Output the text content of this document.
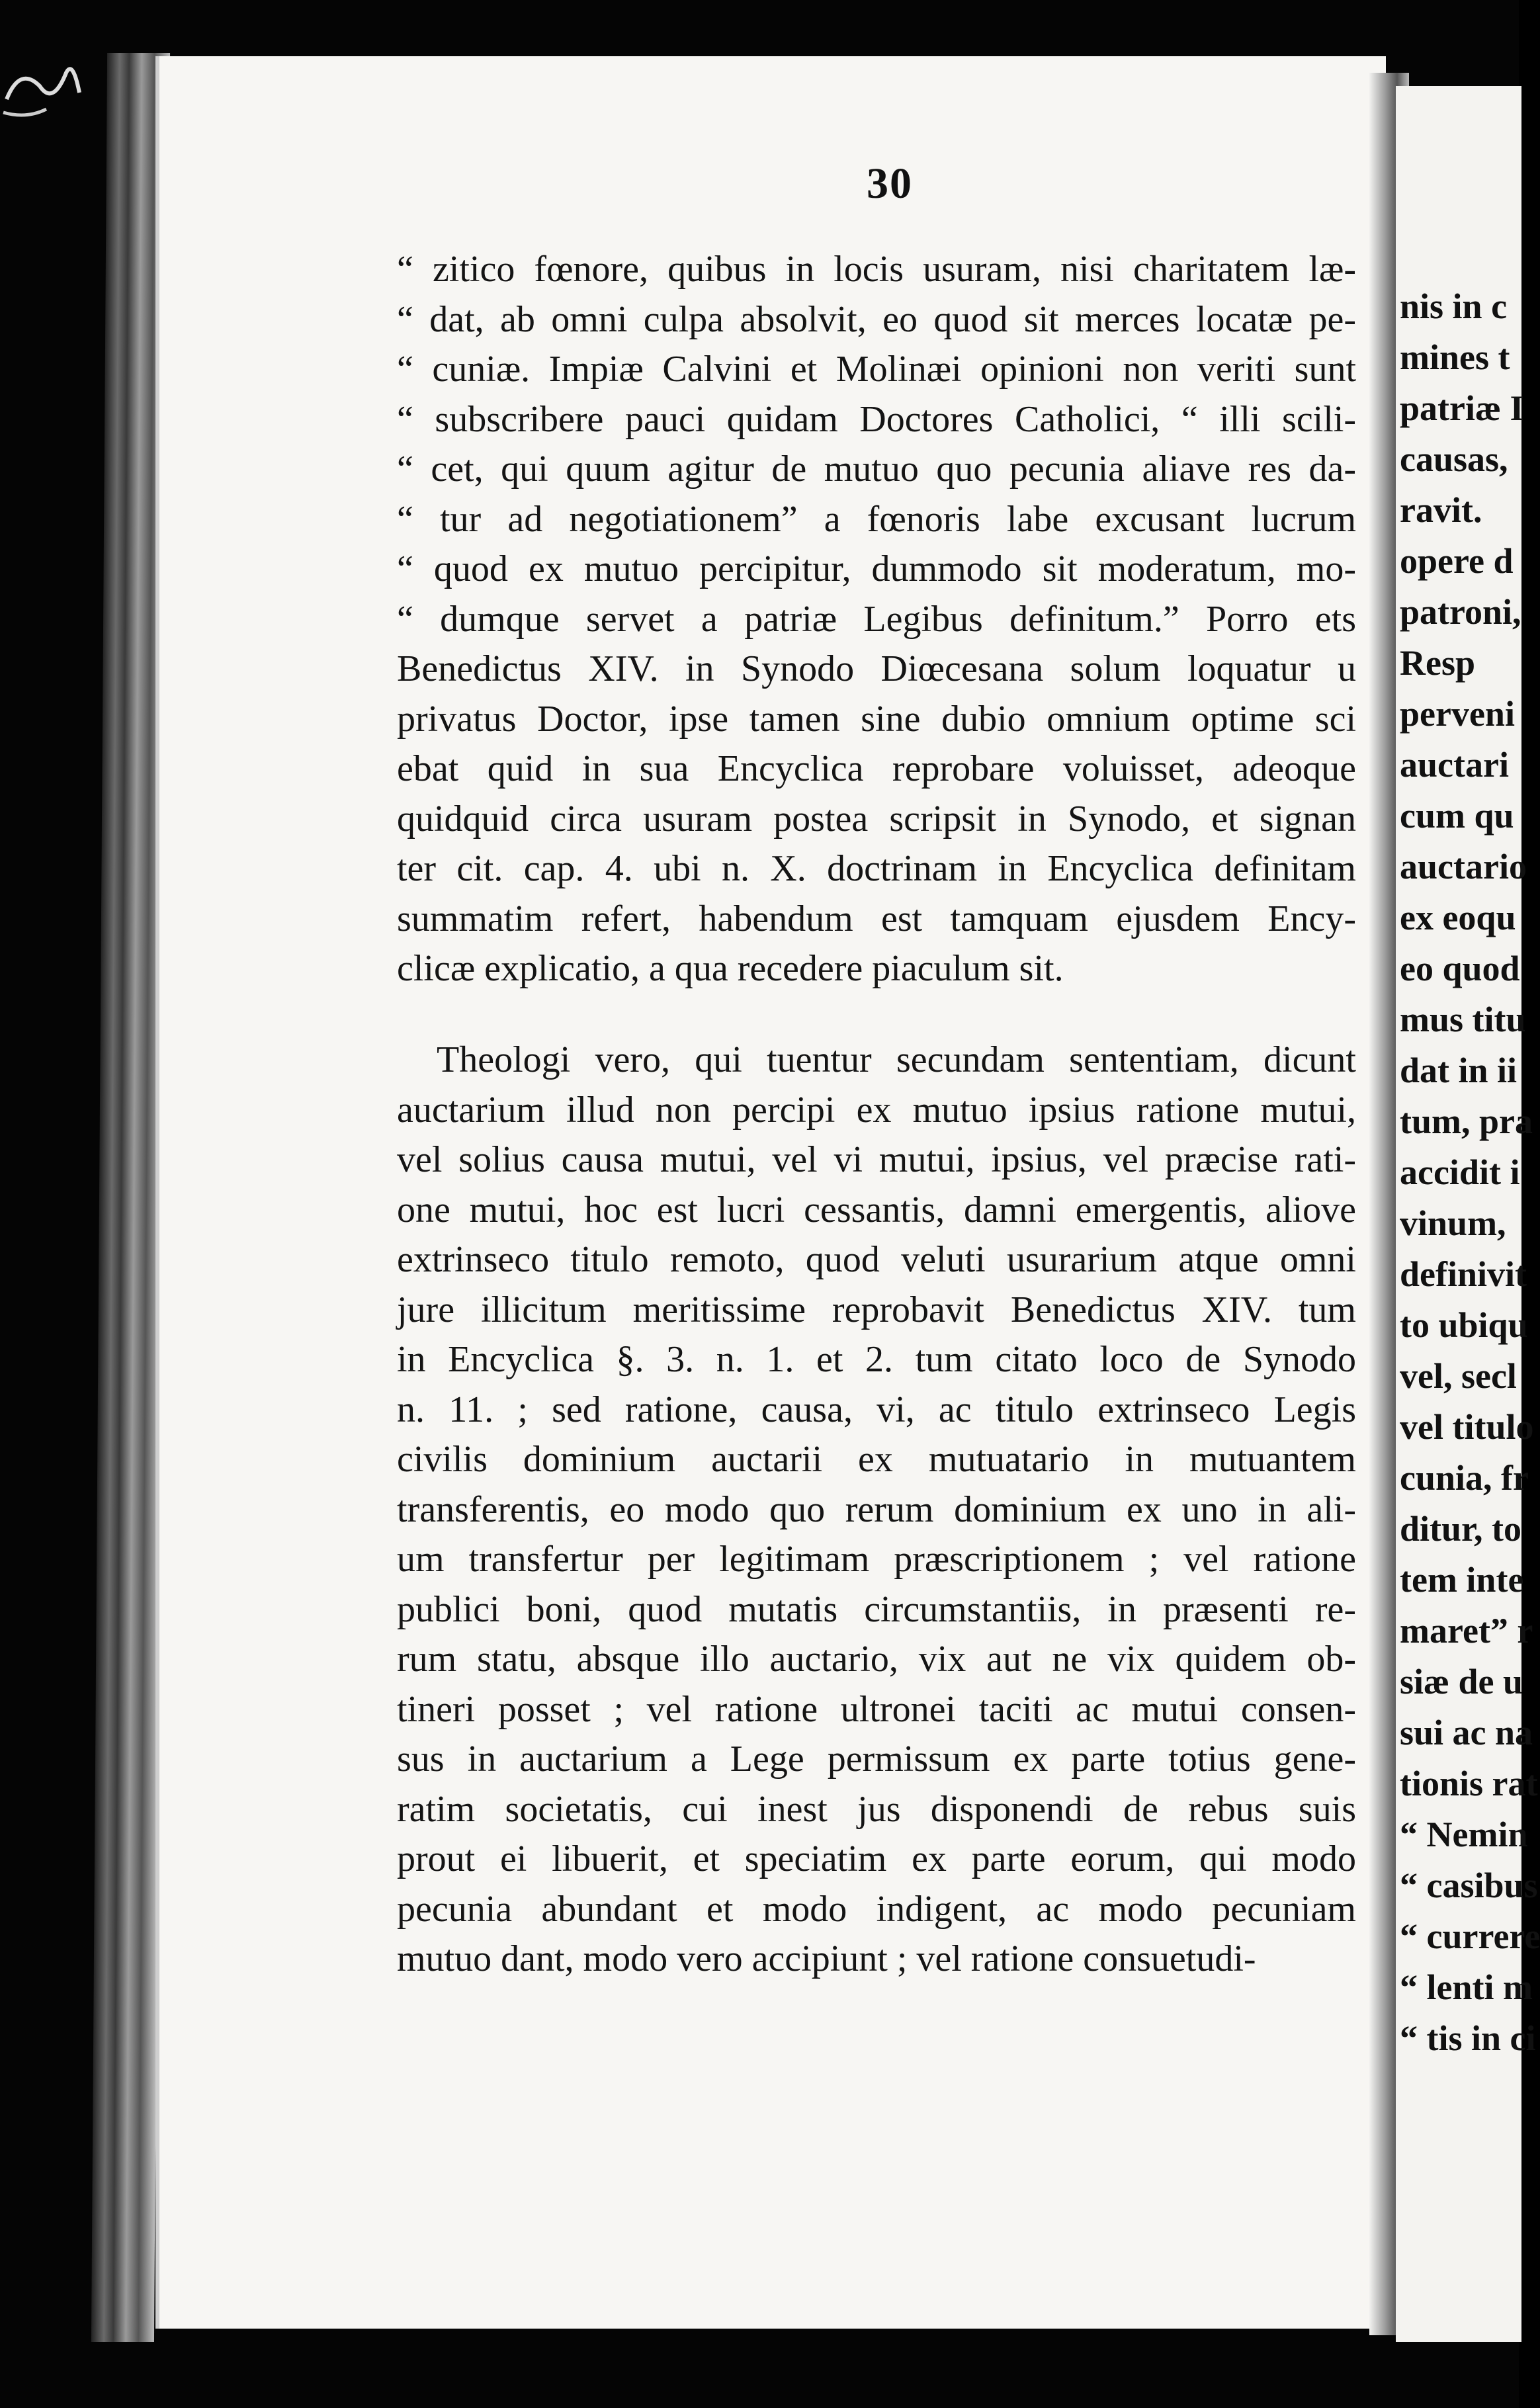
nis in c
mines t
patriæ I
causas,
ravit.
opere d
patroni,
Resp
perveni
auctari
cum qu
auctario
ex eoqu
eo quod
mus titu
dat in ii
tum, pra
accidit i
vinum,
definivit
to ubiqu
vel, secl
vel titulo
cunia, fr
ditur, to
tem inte
maret” r
siæ de u
sui ac na
tionis rat
“ Nemin
“ casibus
“ currere
“ lenti m
“ tis in ci
30
“ zitico fœnore, quibus in locis usuram, nisi charitatem læ-
“ dat, ab omni culpa absolvit, eo quod sit merces locatæ pe-
“ cuniæ. Impiæ Calvini et Molinæi opinioni non veriti sunt
“ subscribere pauci quidam Doctores Catholici, “ illi scili-
“ cet, qui quum agitur de mutuo quo pecunia aliave res da-
“ tur ad negotiationem” a fœnoris labe excusant lucrum
“ quod ex mutuo percipitur, dummodo sit moderatum, mo-
“ dumque servet a patriæ Legibus definitum.” Porro ets
Benedictus XIV. in Synodo Diœcesana solum loquatur u
privatus Doctor, ipse tamen sine dubio omnium optime sci
ebat quid in sua Encyclica reprobare voluisset, adeoque
quidquid circa usuram postea scripsit in Synodo, et signan
ter cit. cap. 4. ubi n. X. doctrinam in Encyclica definitam
summatim refert, habendum est tamquam ejusdem Ency-
clicæ explicatio, a qua recedere piaculum sit.
Theologi vero, qui tuentur secundam sententiam, dicunt
auctarium illud non percipi ex mutuo ipsius ratione mutui,
vel solius causa mutui, vel vi mutui, ipsius, vel præcise rati-
one mutui, hoc est lucri cessantis, damni emergentis, aliove
extrinseco titulo remoto, quod veluti usurarium atque omni
jure illicitum meritissime reprobavit Benedictus XIV. tum
in Encyclica §. 3. n. 1. et 2. tum citato loco de Synodo
n. 11. ; sed ratione, causa, vi, ac titulo extrinseco Legis
civilis dominium auctarii ex mutuatario in mutuantem
transferentis, eo modo quo rerum dominium ex uno in ali-
um transfertur per legitimam præscriptionem ; vel ratione
publici boni, quod mutatis circumstantiis, in præsenti re-
rum statu, absque illo auctario, vix aut ne vix quidem ob-
tineri posset ; vel ratione ultronei taciti ac mutui consen-
sus in auctarium a Lege permissum ex parte totius gene-
ratim societatis, cui inest jus disponendi de rebus suis
prout ei libuerit, et speciatim ex parte eorum, qui modo
pecunia abundant et modo indigent, ac modo pecuniam
mutuo dant, modo vero accipiunt ; vel ratione consuetudi-
